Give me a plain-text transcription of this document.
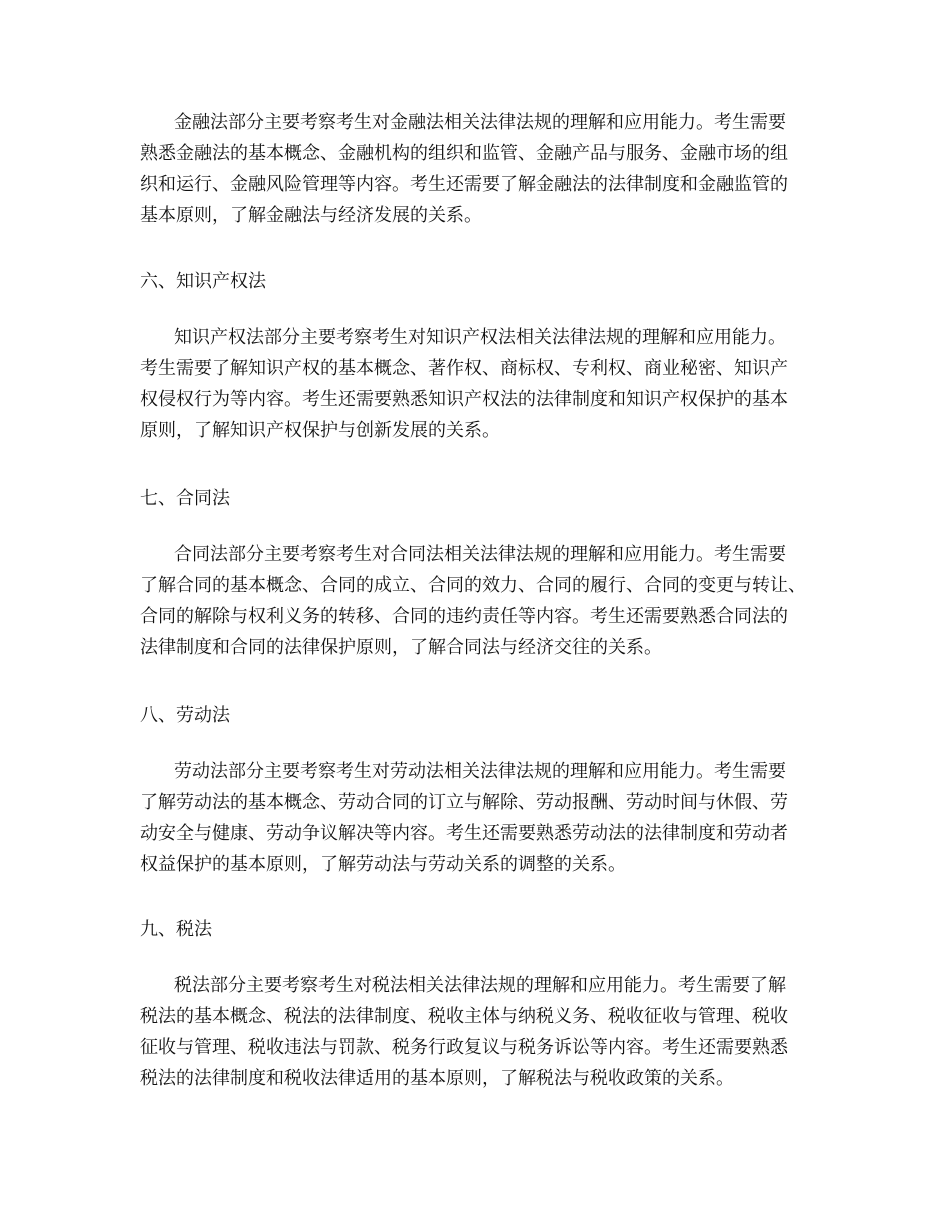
金融法部分主要考察考生对金融法相关法律法规的理解和应用能力。考生需要
熟悉金融法的基本概念、金融机构的组织和监管、金融产品与服务、金融市场的组
织和运行、金融风险管理等内容。考生还需要了解金融法的法律制度和金融监管的
基本原则，了解金融法与经济发展的关系。

六、知识产权法

知识产权法部分主要考察考生对知识产权法相关法律法规的理解和应用能力。
考生需要了解知识产权的基本概念、著作权、商标权、专利权、商业秘密、知识产
权侵权行为等内容。考生还需要熟悉知识产权法的法律制度和知识产权保护的基本
原则，了解知识产权保护与创新发展的关系。

七、合同法

合同法部分主要考察考生对合同法相关法律法规的理解和应用能力。考生需要
了解合同的基本概念、合同的成立、合同的效力、合同的履行、合同的变更与转让、
合同的解除与权利义务的转移、合同的违约责任等内容。考生还需要熟悉合同法的
法律制度和合同的法律保护原则，了解合同法与经济交往的关系。

八、劳动法

劳动法部分主要考察考生对劳动法相关法律法规的理解和应用能力。考生需要
了解劳动法的基本概念、劳动合同的订立与解除、劳动报酬、劳动时间与休假、劳
动安全与健康、劳动争议解决等内容。考生还需要熟悉劳动法的法律制度和劳动者
权益保护的基本原则，了解劳动法与劳动关系的调整的关系。

九、税法

税法部分主要考察考生对税法相关法律法规的理解和应用能力。考生需要了解
税法的基本概念、税法的法律制度、税收主体与纳税义务、税收征收与管理、税收
征收与管理、税收违法与罚款、税务行政复议与税务诉讼等内容。考生还需要熟悉
税法的法律制度和税收法律适用的基本原则，了解税法与税收政策的关系。
